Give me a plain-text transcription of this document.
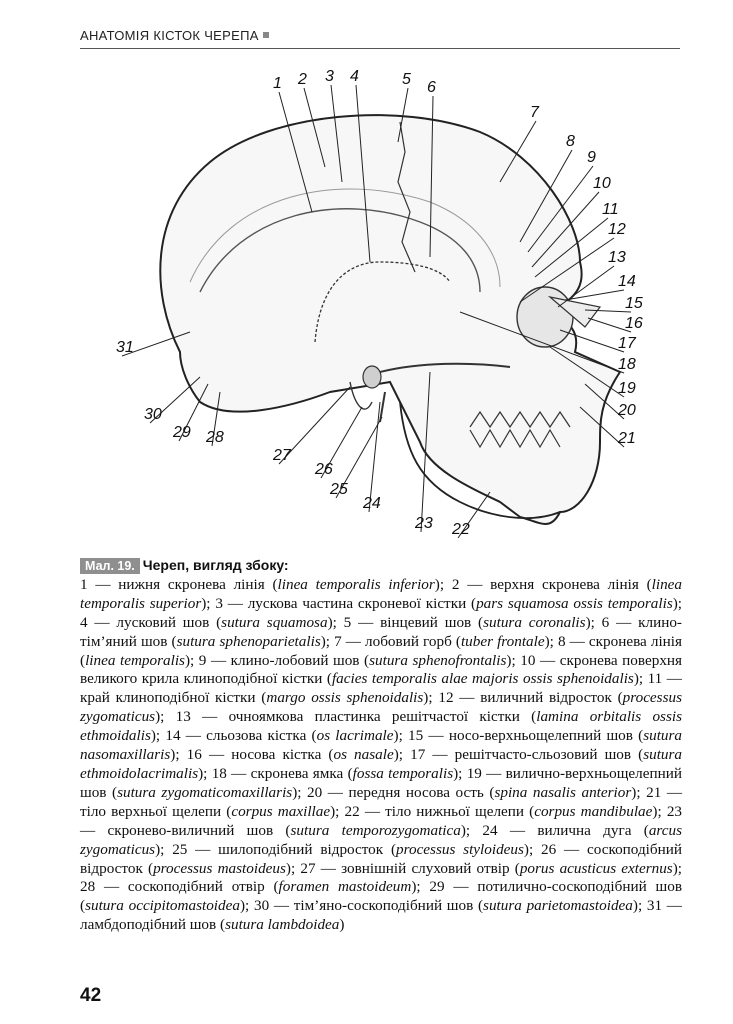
АНАТОМІЯ КІСТОК ЧЕРЕПА
1 2 3 4	5 6
7
8
9
10
11
12
13
14
15
16
17
18
19
20
21
22
23
24
25
26
27
28
29
30
31
Мал. 19. Череп, вигляд збоку:
1 — нижня скронева лінія (linea temporalis inferior); 2 — верхня скронева лінія (linea temporalis superior); 3 — лускова частина скроневої кістки (pars squamosa ossis temporalis); 4 — лусковий шов (sutura squamosa); 5 — вінцевий шов (sutura coronalis); 6 — клино-тім’яний шов (sutura sphenoparietalis); 7 — лобовий горб (tuber frontale); 8 — скронева лінія (linea temporalis); 9 — клино-лобовий шов (sutura sphenofrontalis); 10 — скронева поверхня великого крила клиноподібної кістки (facies temporalis alae majoris ossis sphenoidalis); 11 — край клиноподібної кістки (margo ossis sphenoidalis); 12 — виличний відросток (processus zygomaticus); 13 — очноямкова пластинка решітчастої кістки (lamina orbitalis ossis ethmoidalis); 14 — сльозова кістка (os lacrimale); 15 — носо-верхньощелепний шов (sutura nasomaxillaris); 16 — носова кістка (os nasale); 17 — решітчасто-сльозовий шов (sutura ethmoidolacrimalis); 18 — скронева ямка (fossa temporalis); 19 — вилично-верхньощелепний шов (sutura zygomaticomaxillaris); 20 — передня носова ость (spina nasalis anterior); 21 — тіло верхньої щелепи (corpus maxillae); 22 — тіло нижньої щелепи (corpus mandibulae); 23 — скронево-виличний шов (sutura temporozygomatica); 24 — вилична дуга (arcus zygomaticus); 25 — шилоподібний відросток (processus styloideus); 26 — соскоподібний відросток (processus mastoideus); 27 — зовнішній слуховий отвір (porus acusticus externus); 28 — соскоподібний отвір (foramen mastoideum); 29 — потилично-соскоподібний шов (sutura occipitomastoidea); 30 — тім’яно-соскоподібний шов (sutura parietomastoidea); 31 — ламбдоподібний шов (sutura lambdoidea)
42
